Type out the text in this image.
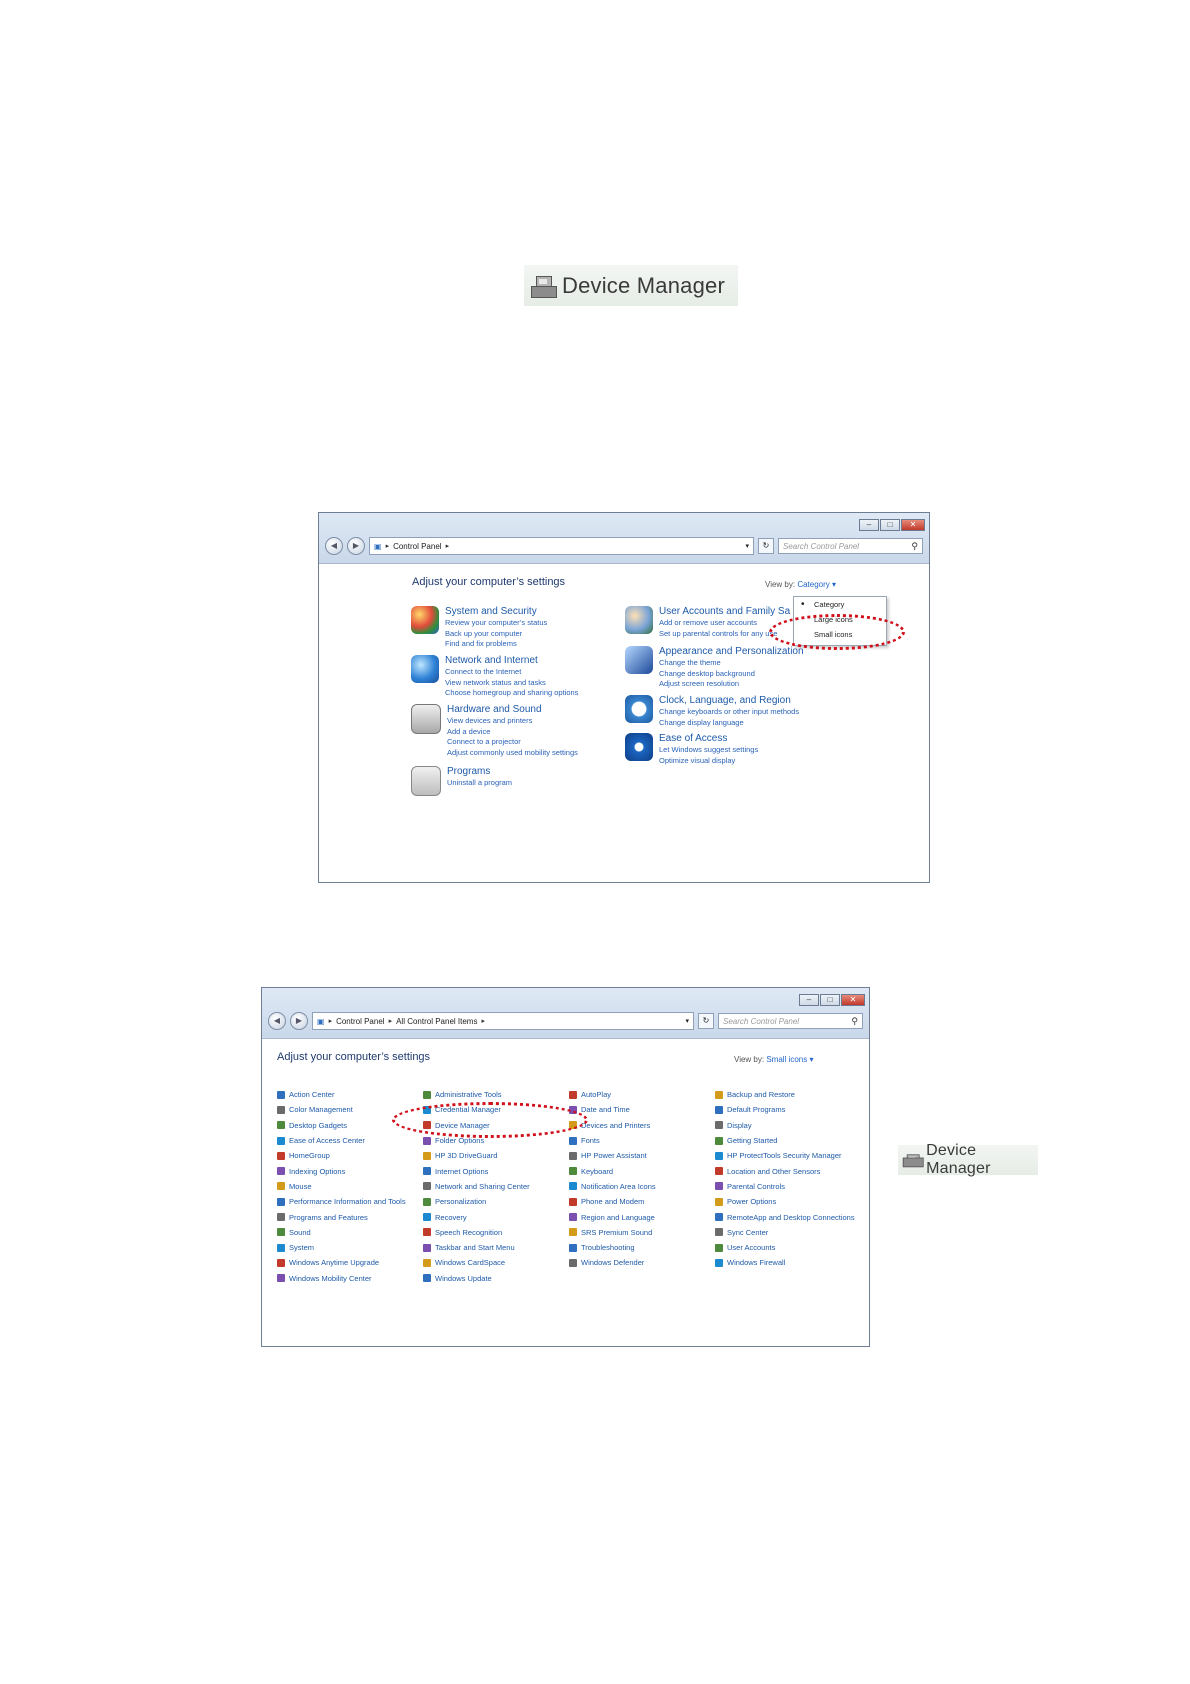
Device Manager
–	□	✕
◀	▶	▣ ▸ Control Panel ▸	▾	↻	Search Control Panel	⚲
Adjust your computer’s settings	View by: Category ▾
System and Security
Review your computer’s status
Back up your computer
Find and fix problems
Network and Internet
Connect to the Internet
View network status and tasks
Choose homegroup and sharing options
Hardware and Sound
View devices and printers
Add a device
Connect to a projector
Adjust commonly used mobility settings
Programs
Uninstall a program
User Accounts and Family Sa
Add or remove user accounts
Set up parental controls for any use
Appearance and Personalization
Change the theme
Change desktop background
Adjust screen resolution
Clock, Language, and Region
Change keyboards or other input methods
Change display language
Ease of Access
Let Windows suggest settings
Optimize visual display
• Category
Large icons
Small icons
–	□	✕
◀	▶	▣ ▸ Control Panel ▸ All Control Panel Items ▸	▾	↻	Search Control Panel	⚲
Adjust your computer’s settings	View by: Small icons ▾
Action Center	Administrative Tools	AutoPlay	Backup and Restore
Color Management	Credential Manager	Date and Time	Default Programs
Desktop Gadgets	Device Manager	Devices and Printers	Display
Ease of Access Center	Folder Options	Fonts	Getting Started
HomeGroup	HP 3D DriveGuard	HP Power Assistant	HP ProtectTools Security Manager
Indexing Options	Internet Options	Keyboard	Location and Other Sensors
Mouse	Network and Sharing Center	Notification Area Icons	Parental Controls
Performance Information and Tools	Personalization	Phone and Modem	Power Options
Programs and Features	Recovery	Region and Language	RemoteApp and Desktop Connections
Sound	Speech Recognition	SRS Premium Sound	Sync Center
System	Taskbar and Start Menu	Troubleshooting	User Accounts
Windows Anytime Upgrade	Windows CardSpace	Windows Defender	Windows Firewall
Windows Mobility Center	Windows Update
Device Manager
